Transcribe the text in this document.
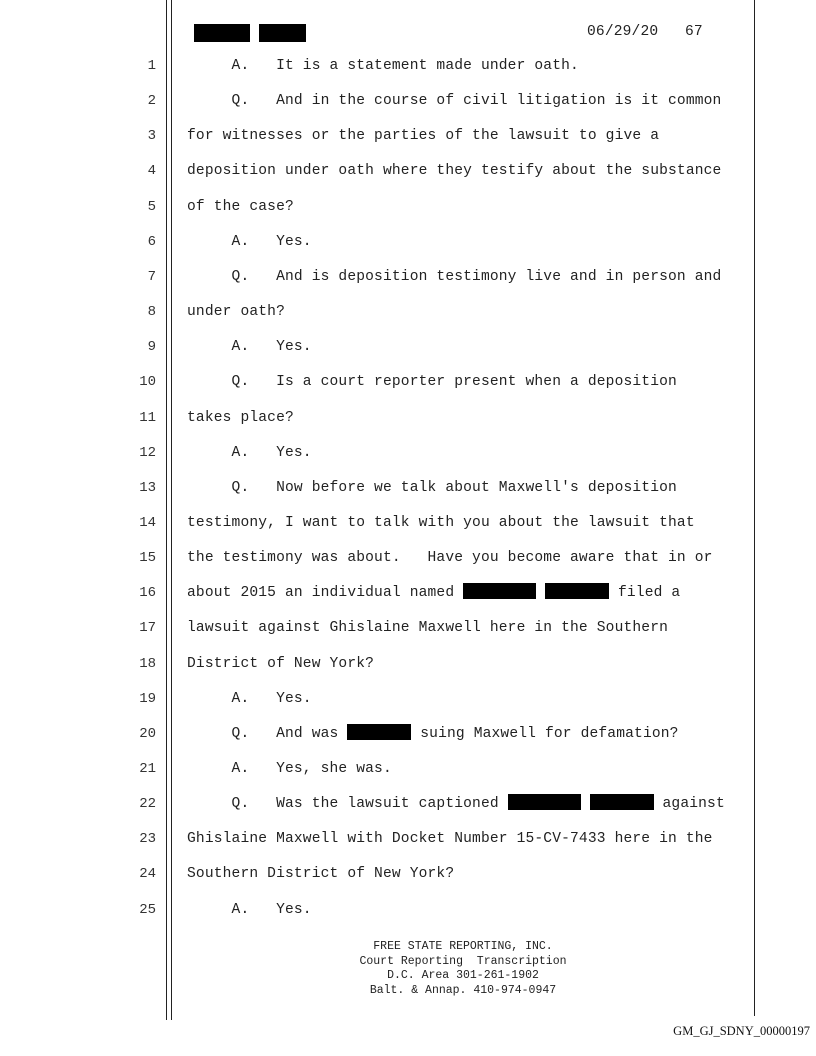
06/29/20 67
1 A.   It is a statement made under oath.
2 Q.   And in the course of civil litigation is it common
3 for witnesses or the parties of the lawsuit to give a
4 deposition under oath where they testify about the substance
5 of the case?
6 A.   Yes.
7 Q.   And is deposition testimony live and in person and
8 under oath?
9 A.   Yes.
10 Q.   Is a court reporter present when a deposition
11 takes place?
12 A.   Yes.
13 Q.   Now before we talk about Maxwell's deposition
14 testimony, I want to talk with you about the lawsuit that
15 the testimony was about.   Have you become aware that in or
16 about 2015 an individual named	filed a
17 lawsuit against Ghislaine Maxwell here in the Southern
18 District of New York?
19 A.   Yes.
20 Q.   And was	suing Maxwell for defamation?
21 A.   Yes, she was.
22 Q.   Was the lawsuit captioned	against
23 Ghislaine Maxwell with Docket Number 15-CV-7433 here in the
24 Southern District of New York?
25 A.   Yes.
FREE STATE REPORTING, INC.
Court Reporting  Transcription
D.C. Area 301-261-1902
Balt. & Annap. 410-974-0947
GM_GJ_SDNY_00000197
